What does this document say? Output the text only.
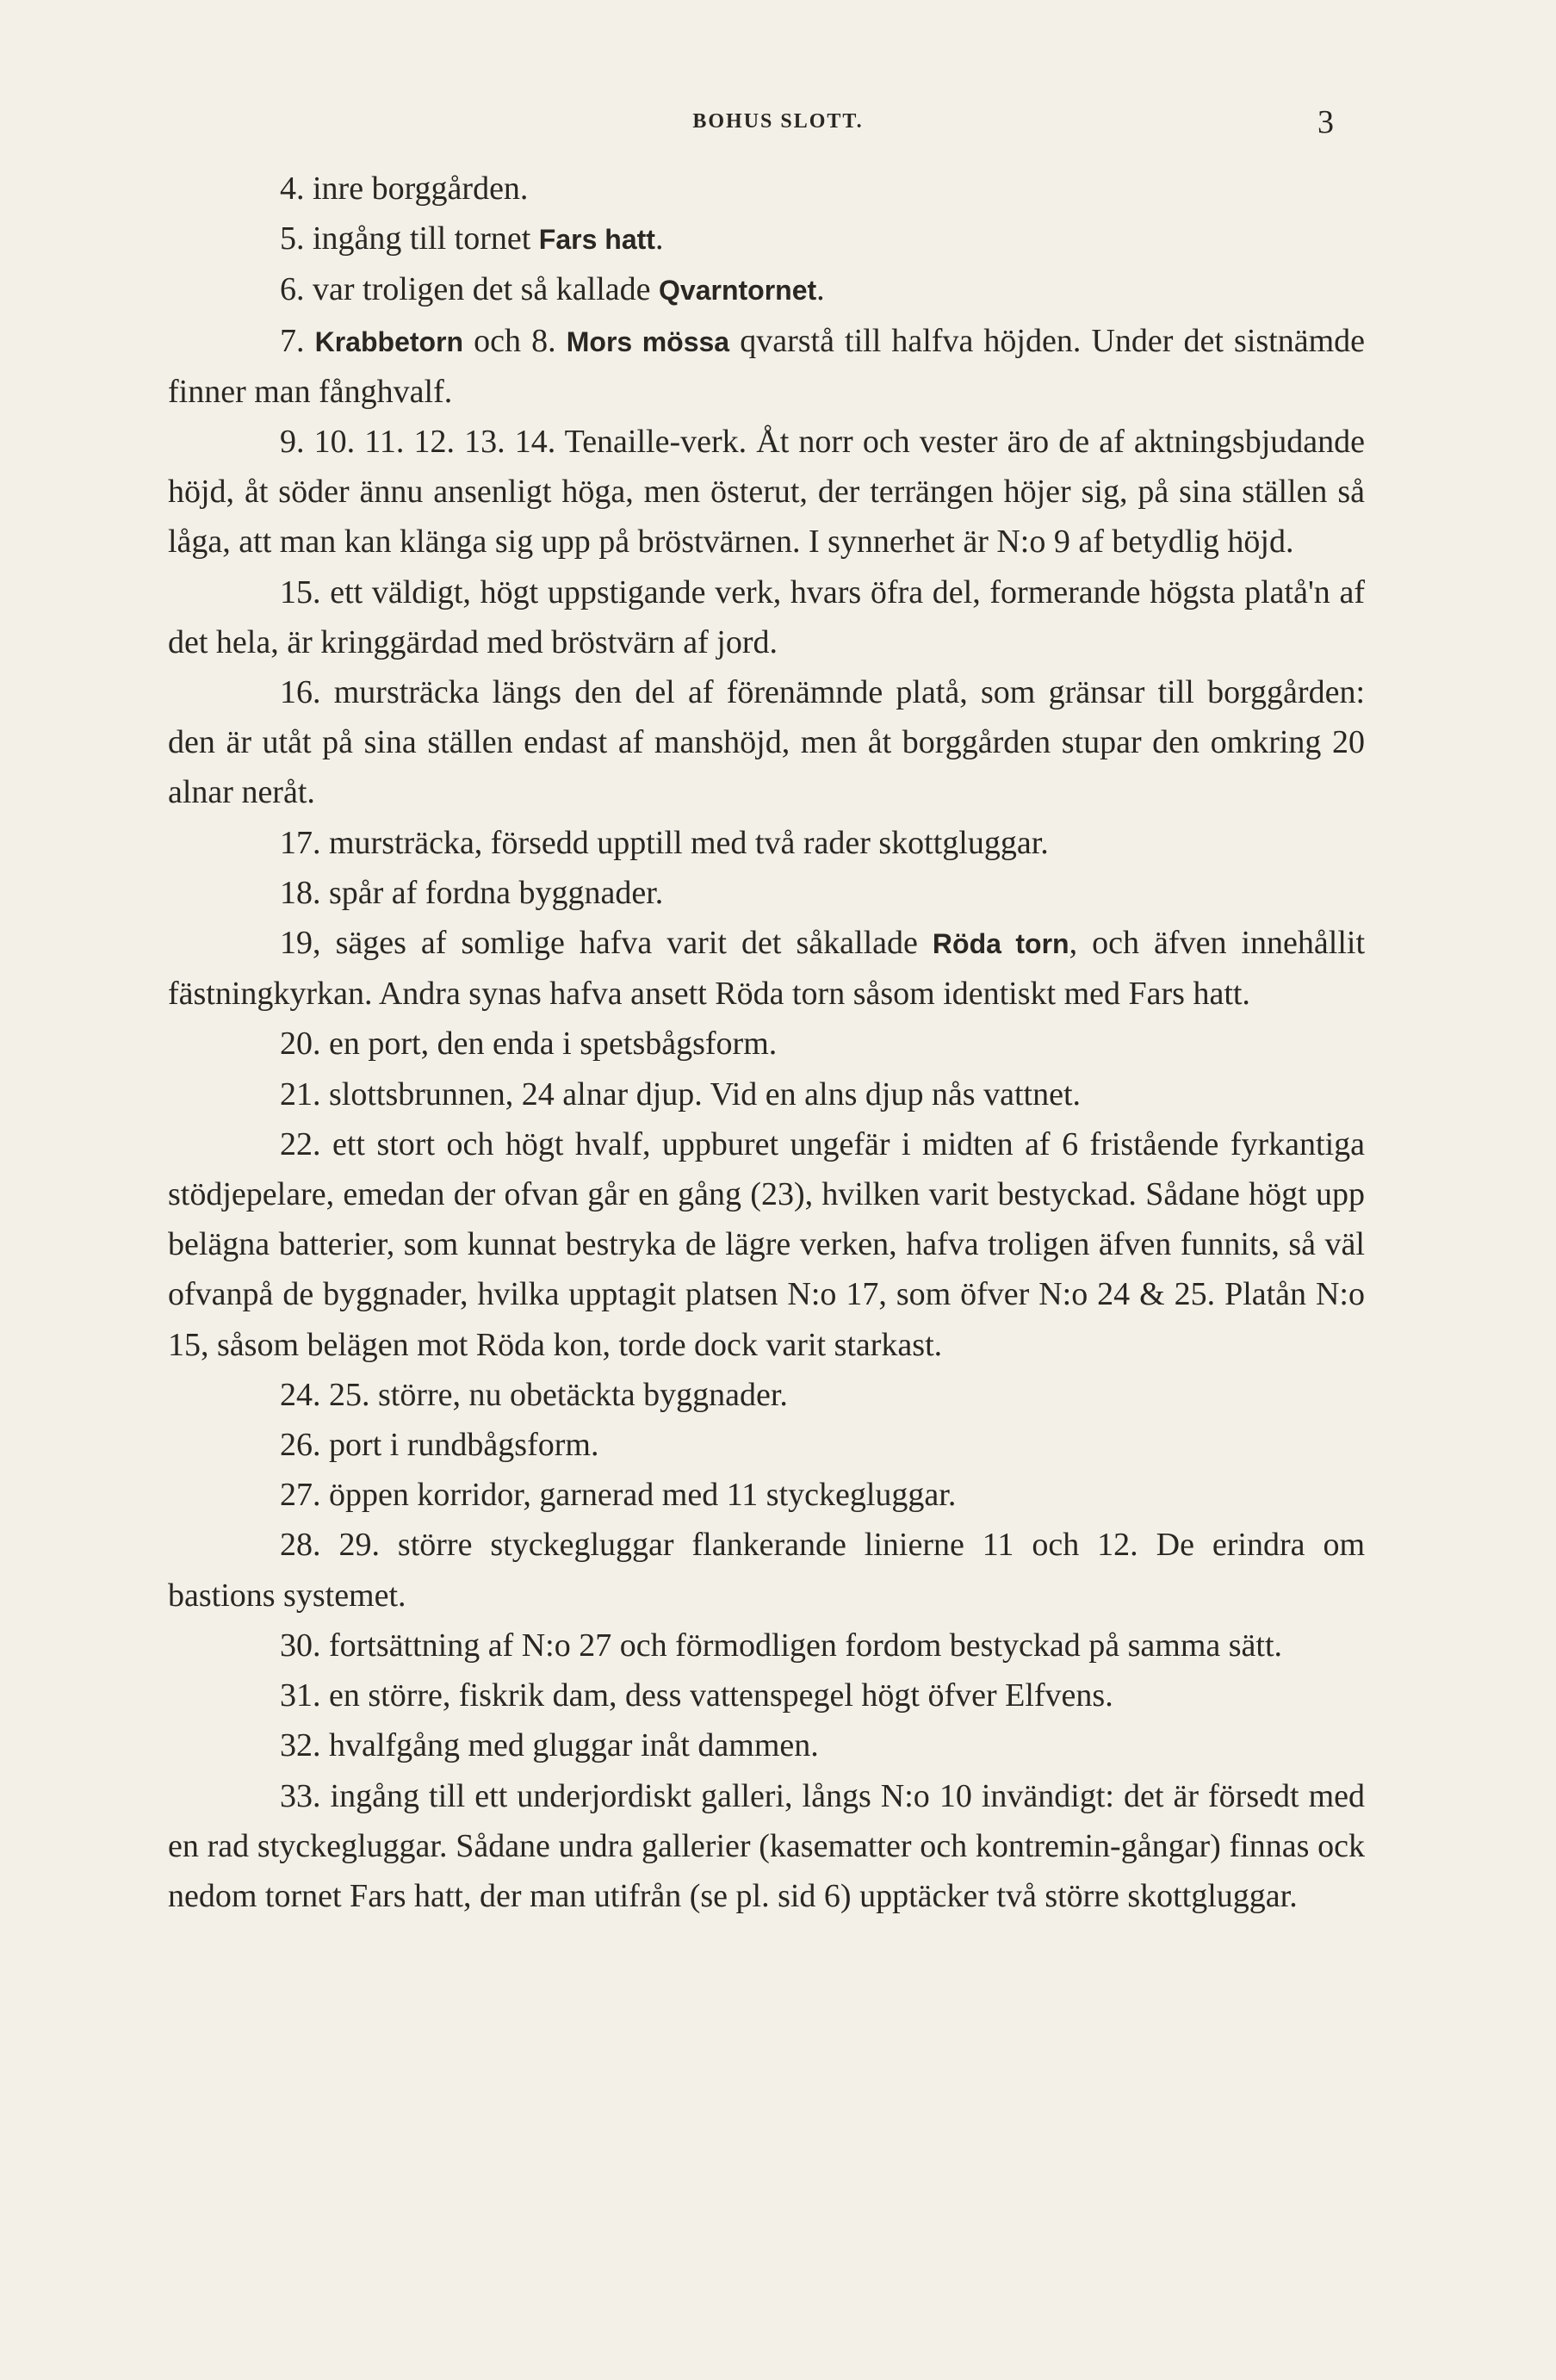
BOHUS SLOTT.	3

4. inre borggården.

5. ingång till tornet Fars hatt.

6. var troligen det så kallade Qvarntornet.

7. Krabbetorn och 8. Mors mössa qvarstå till halfva höjden. Under det sistnämde finner man fånghvalf.

9. 10. 11. 12. 13. 14. Tenaille-verk. Åt norr och vester äro de af aktningsbjudande höjd, åt söder ännu ansenligt höga, men österut, der terrängen höjer sig, på sina ställen så låga, att man kan klänga sig upp på bröstvärnen. I synnerhet är N:o 9 af betydlig höjd.

15. ett väldigt, högt uppstigande verk, hvars öfra del, formerande högsta platå'n af det hela, är kringgärdad med bröstvärn af jord.

16. mursträcka längs den del af förenämnde platå, som gränsar till borggården: den är utåt på sina ställen endast af manshöjd, men åt borggården stupar den omkring 20 alnar neråt.

17. mursträcka, försedd upptill med två rader skottgluggar.

18. spår af fordna byggnader.

19, säges af somlige hafva varit det såkallade Röda torn, och äfven innehållit fästningkyrkan. Andra synas hafva ansett Röda torn såsom identiskt med Fars hatt.

20. en port, den enda i spetsbågsform.

21. slottsbrunnen, 24 alnar djup. Vid en alns djup nås vattnet.

22. ett stort och högt hvalf, uppburet ungefär i midten af 6 fristående fyrkantiga stödjepelare, emedan der ofvan går en gång (23), hvilken varit bestyckad. Sådane högt upp belägna batterier, som kunnat bestryka de lägre verken, hafva troligen äfven funnits, så väl ofvanpå de byggnader, hvilka upptagit platsen N:o 17, som öfver N:o 24 & 25. Platån N:o 15, såsom belägen mot Röda kon, torde dock varit starkast.

24. 25. större, nu obetäckta byggnader.

26. port i rundbågsform.

27. öppen korridor, garnerad med 11 styckegluggar.

28. 29. större styckegluggar flankerande linierne 11 och 12. De erindra om bastions systemet.

30. fortsättning af N:o 27 och förmodligen fordom bestyckad på samma sätt.

31. en större, fiskrik dam, dess vattenspegel högt öfver Elfvens.

32. hvalfgång med gluggar inåt dammen.

33. ingång till ett underjordiskt galleri, långs N:o 10 invändigt: det är försedt med en rad styckegluggar. Sådane undra gallerier (kasematter och kontremin-gångar) finnas ock nedom tornet Fars hatt, der man utifrån (se pl. sid 6) upptäcker två större skottgluggar.
